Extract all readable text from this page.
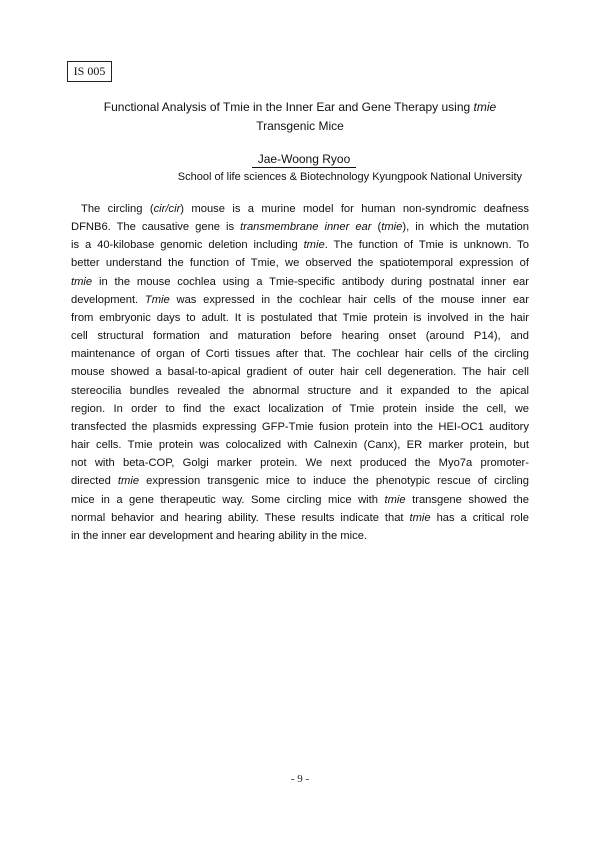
IS 005
Functional Analysis of Tmie in the Inner Ear and Gene Therapy using tmie
Transgenic Mice
Jae-Woong Ryoo
School of life sciences & Biotechnology Kyungpook National University
The circling (cir/cir) mouse is a murine model for human non-syndromic deafness
DFNB6. The causative gene is transmembrane inner ear (tmie), in which the mutation
is a 40-kilobase genomic deletion including tmie. The function of Tmie is unknown. To
better understand the function of Tmie, we observed the spatiotemporal expression of
tmie in the mouse cochlea using a Tmie-specific antibody during postnatal inner ear
development. Tmie was expressed in the cochlear hair cells of the mouse inner ear
from embryonic days to adult. It is postulated that Tmie protein is involved in the hair
cell structural formation and maturation before hearing onset (around P14), and
maintenance of organ of Corti tissues after that. The cochlear hair cells of the circling
mouse showed a basal-to-apical gradient of outer hair cell degeneration. The hair cell
stereocilia bundles revealed the abnormal structure and it expanded to the apical
region. In order to find the exact localization of Tmie protein inside the cell, we
transfected the plasmids expressing GFP-Tmie fusion protein into the HEI-OC1 auditory
hair cells. Tmie protein was colocalized with Calnexin (Canx), ER marker protein, but
not with beta-COP, Golgi marker protein. We next produced the Myo7a promoter-
directed tmie expression transgenic mice to induce the phenotypic rescue of circling
mice in a gene therapeutic way. Some circling mice with tmie transgene showed the
normal behavior and hearing ability. These results indicate that tmie has a critical role
in the inner ear development and hearing ability in the mice.
- 9 -
